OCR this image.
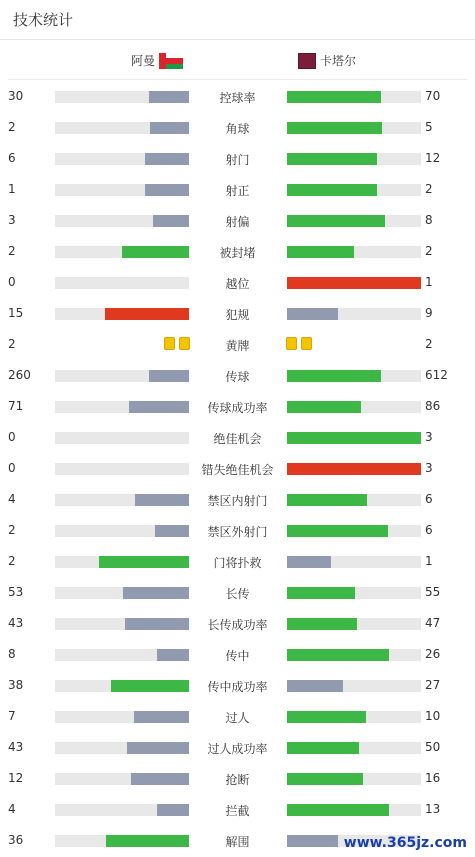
技术统计
阿曼	卡塔尔
30	控球率	70
2	角球	5
6	射门	12
1	射正	2
3	射偏	8
2	被封堵	2
0	越位	1
15	犯规	9
2	黄牌	2
260	传球	612
71	传球成功率	86
0	绝佳机会	3
0	错失绝佳机会	3
4	禁区内射门	6
2	禁区外射门	6
2	门将扑救	1
53	长传	55
43	长传成功率	47
8	传中	26
38	传中成功率	27
7	过人	10
43	过人成功率	50
12	抢断	16
4	拦截	13
36	解围	www.365jz.com
